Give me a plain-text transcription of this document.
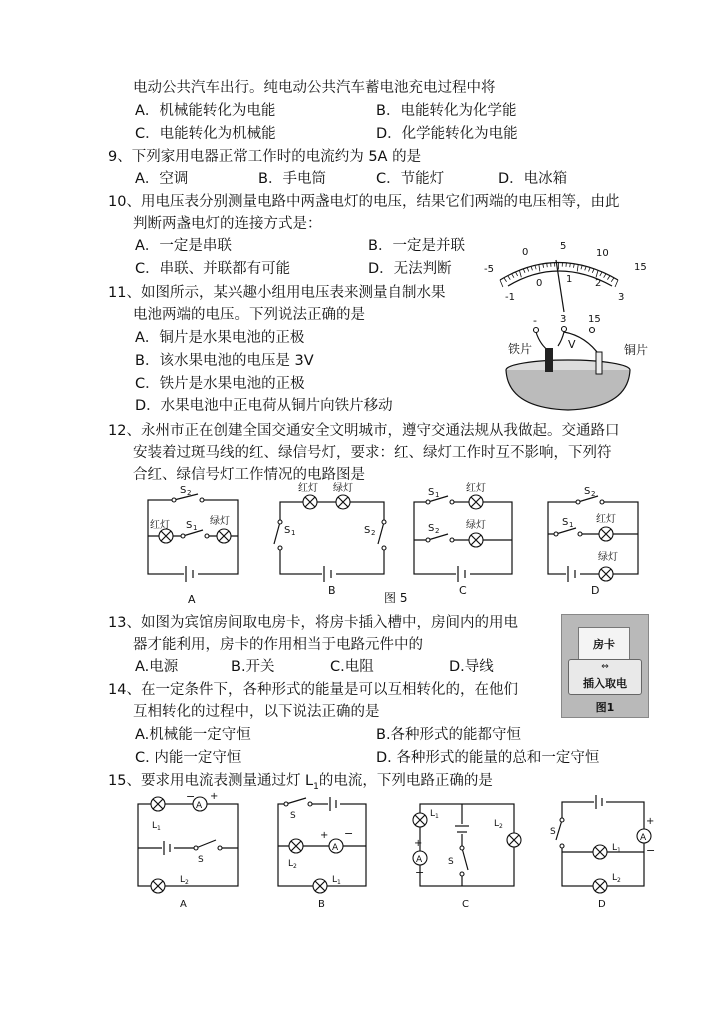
电动公共汽车出行。纯电动公共汽车蓄电池充电过程中将
A．机械能转化为电能	B．电能转化为化学能
C．电能转化为机械能	D．化学能转化为电能
9、下列家用电器正常工作时的电流约为 5A 的是
A．空调	B．手电筒	C．节能灯	D．电冰箱
10、用电压表分别测量电路中两盏电灯的电压，结果它们两端的电压相等，由此
判断两盏电灯的连接方式是：
A．一定是串联	B．一定是并联
C．串联、并联都有可能	D．无法判断
11、如图所示，某兴趣小组用电压表来测量自制水果
电池两端的电压。下列说法正确的是
A．铜片是水果电池的正极
B．该水果电池的电压是 3V
C．铁片是水果电池的正极
D．水果电池中正电荷从铜片向铁片移动
-5
0
5
10
15
-1
0 1 2
3
- 3 15
V
铁片	铜片
12、永州市正在创建全国交通安全文明城市，遵守交通法规从我做起。交通路口
安装着过斑马线的红、绿信号灯，要求：红、绿灯工作时互不影响，下列符
合红、绿信号灯工作情况的电路图是
S 2
红灯 S 1
绿灯
A
红灯 绿灯
S 1	S 2
B
S 1
红灯
S 2	绿灯
C
S 2
S 1 红灯
绿灯
D
图 5
13、如图为宾馆房间取电房卡，将房卡插入槽中，房间内的用电
器才能利用，房卡的作用相当于电路元件中的
A.电源	B.开关	C.电阻	D.导线
房卡
⇔
插入取电
图1
14、在一定条件下，各种形式的能量是可以互相转化的，在他们
互相转化的过程中，以下说法正确的是
A.机械能一定守恒	B.各种形式的能都守恒
C. 内能一定守恒	D. 各种形式的能量的总和一定守恒
15、要求用电流表测量通过灯 $L_1$的电流，下列电路正确的是
A
− +
L 1
S
L 2
A
S
L 2
A
+ −
L 1
B
L 1
A
+
−
S
L 2
C
S
A
+
−
L 1
L 2
D
